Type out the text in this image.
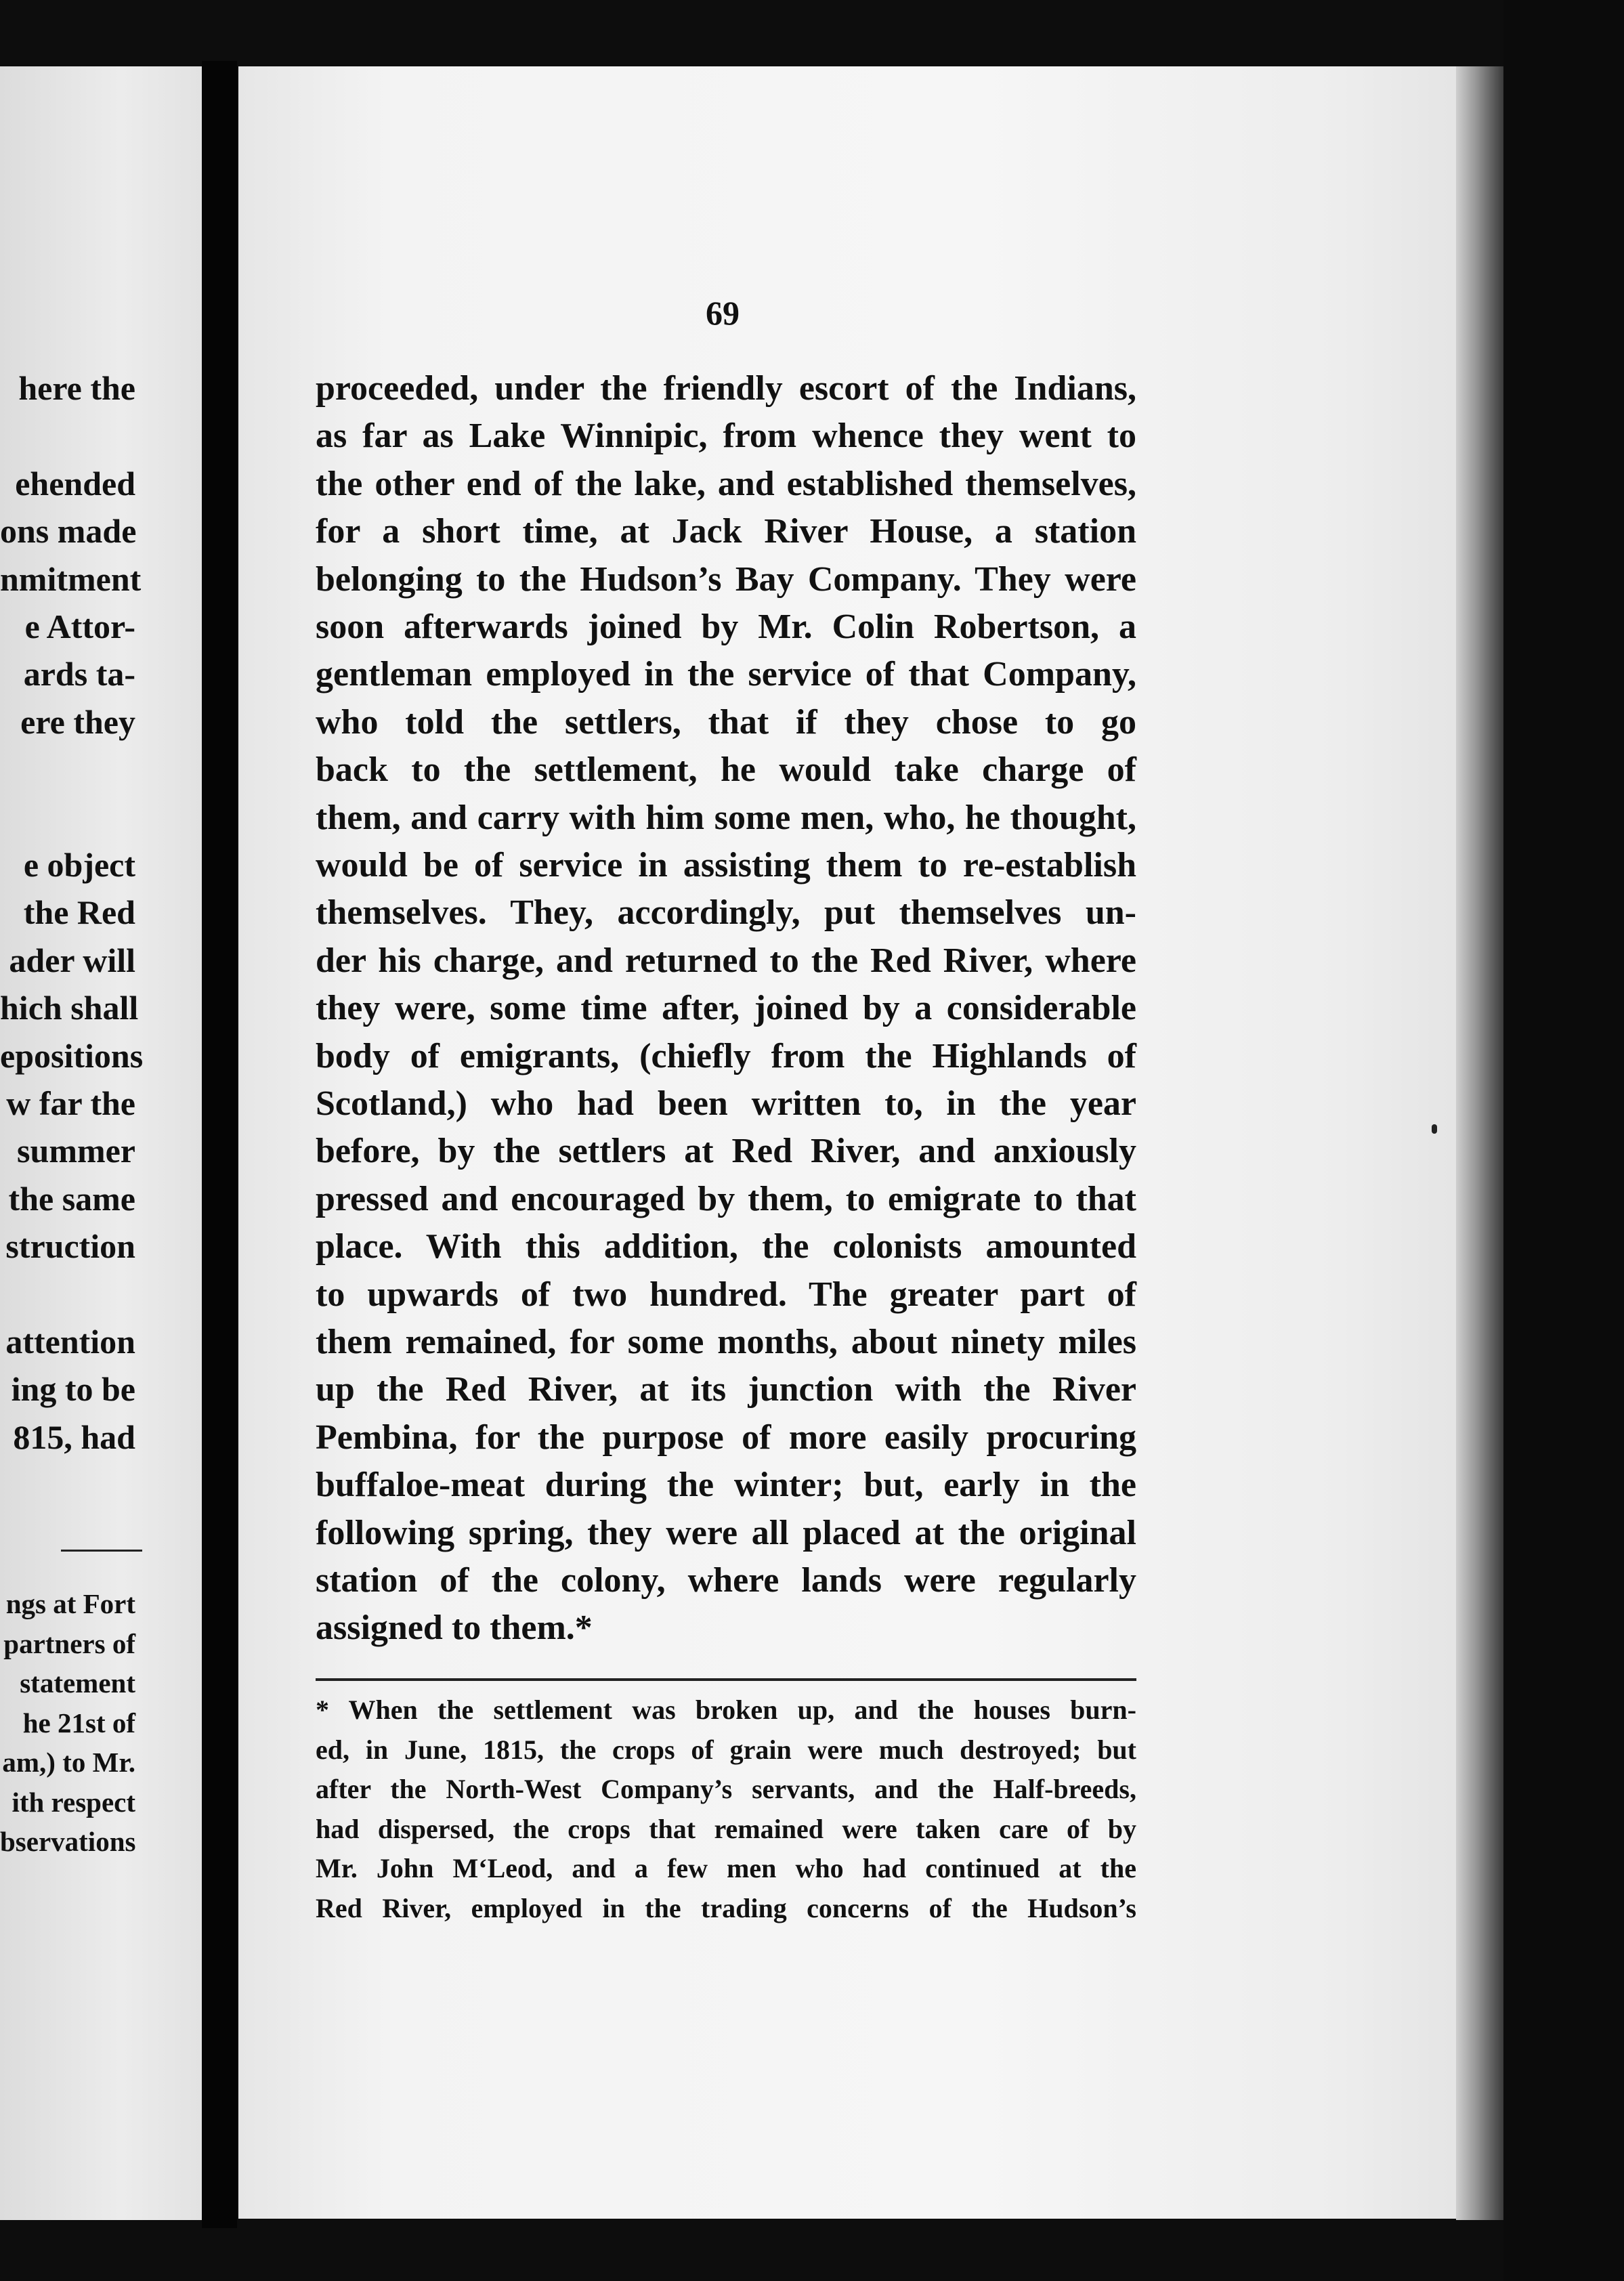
here the
ehended
ons made
nmitment
e Attor-
ards ta-
ere they
e object
the Red
ader will
hich shall
epositions
w far the
summer
the same
struction
attention
ing to be
815, had
ngs at Fort
partners of
statement
he 21st of
am,) to Mr.
ith respect
bservations
69
proceeded, under the friendly escort of the Indians,
as far as Lake Winnipic, from whence they went to
the other end of the lake, and established themselves,
for a short time, at Jack River House, a station
belonging to the Hudson’s Bay Company. They were
soon afterwards joined by Mr. Colin Robertson, a
gentleman employed in the service of that Company,
who told the settlers, that if they chose to go
back to the settlement, he would take charge of
them, and carry with him some men, who, he thought,
would be of service in assisting them to re-establish
themselves. They, accordingly, put themselves un-
der his charge, and returned to the Red River, where
they were, some time after, joined by a considerable
body of emigrants, (chiefly from the Highlands of
Scotland,) who had been written to, in the year
before, by the settlers at Red River, and anxiously
pressed and encouraged by them, to emigrate to that
place. With this addition, the colonists amounted
to upwards of two hundred. The greater part of
them remained, for some months, about ninety miles
up the Red River, at its junction with the River
Pembina, for the purpose of more easily procuring
buffaloe-meat during the winter; but, early in the
following spring, they were all placed at the original
station of the colony, where lands were regularly
assigned to them.*
* When the settlement was broken up, and the houses burn-
ed, in June, 1815, the crops of grain were much destroyed; but
after the North-West Company’s servants, and the Half-breeds,
had dispersed, the crops that remained were taken care of by
Mr. John M‘Leod, and a few men who had continued at the
Red River, employed in the trading concerns of the Hudson’s
